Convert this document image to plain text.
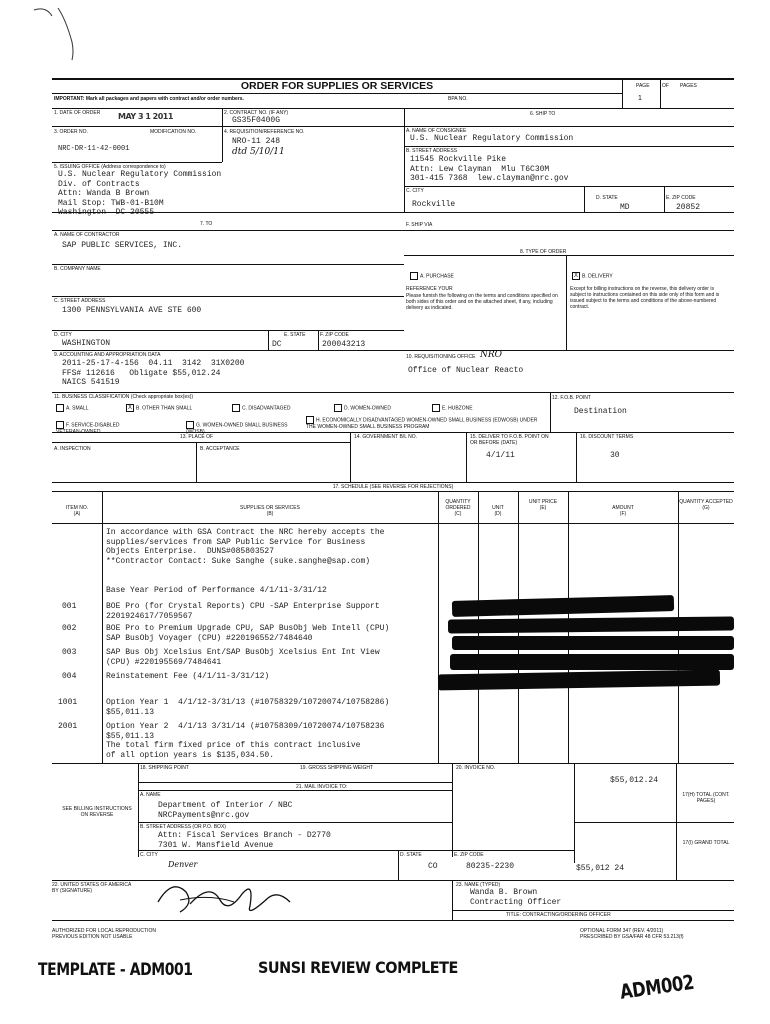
ORDER FOR SUPPLIES OR SERVICES	PAGE OF PAGES
1
IMPORTANT: Mark all packages and papers with contract and/or order numbers.	BPA NO.
1. DATE OF ORDER MAY 3 1 2011	2. CONTRACT NO. (IF ANY)
GS35F0400G
6. SHIP TO
3. ORDER NO.	MODIFICATION NO.
NRC-DR-11-42-0001
4. REQUISITION/REFERENCE NO.
NRO-11 248
dtd 5/10/11
A. NAME OF CONSIGNEE
U.S. Nuclear Regulatory Commission
B. STREET ADDRESS
11545 Rockville Pike
Attn: Lew Clayman  Mlu T6C30M
301-415 7368  lew.clayman@nrc.gov
5. ISSUING OFFICE (Address correspondence to)
U.S. Nuclear Regulatory Commission
Div. of Contracts
Attn: Wanda B Brown
Mail Stop: TWB-01-B10M
Washington  DC 20555
C. CITY
Rockville
D. STATE
MD
E. ZIP CODE
20852
7. TO	F. SHIP VIA
A. NAME OF CONTRACTOR
SAP PUBLIC SERVICES, INC.
8. TYPE OF ORDER
B. COMPANY NAME
A. PURCHASE	X B. DELIVERY
REFERENCE YOUR
Please furnish the following on the terms and conditions specified on both sides of this order and on the attached sheet, if any, including delivery as indicated.
Except for billing instructions on the reverse, this delivery order is subject to instructions contained on this side only of this form and is issued subject to the terms and conditions of the above-numbered contract.
C. STREET ADDRESS
1300 PENNSYLVANIA AVE STE 600
D. CITY
WASHINGTON
E. STATE
DC
F. ZIP CODE
200043213
9. ACCOUNTING AND APPROPRIATION DATA
2011-25-17-4-156  04.11  3142  31X0200
FFS# 112616   Obligate $55,012.24
NAICS 541519
10. REQUISITIONING OFFICE NRO
Office of Nuclear Reacto
11. BUSINESS CLASSIFICATION (Check appropriate box(es))
A. SMALL	X B. OTHER THAN SMALL	C. DISADVANTAGED	D. WOMEN-OWNED	E. HUBZONE
F. SERVICE-DISABLED VETERAN-OWNED
G. WOMEN-OWNED SMALL BUSINESS (WOSB)
H. ECONOMICALLY DISADVANTAGED WOMEN-OWNED SMALL BUSINESS (EDWOSB) UNDER THE WOMEN-OWNED SMALL BUSINESS PROGRAM
12. F.O.B. POINT
Destination
13. PLACE OF	14. GOVERNMENT B/L NO.	15. DELIVER TO F.O.B. POINT ON OR BEFORE (DATE)
4/1/11
16. DISCOUNT TERMS
30
A. INSPECTION	B. ACCEPTANCE
17. SCHEDULE (SEE REVERSE FOR REJECTIONS)
ITEM NO.
(A)
SUPPLIES OR SERVICES
(B)
QUANTITY ORDERED
(C)
UNIT
(D)
UNIT PRICE
(E)	AMOUNT
(F)
QUANTITY ACCEPTED
(G)
In accordance with GSA Contract the NRC hereby accepts the
supplies/services from SAP Public Service for Business
Objects Enterprise.  DUNS#085803527
**Contractor Contact: Suke Sanghe (suke.sanghe@sap.com)
Base Year Period of Performance 4/1/11-3/31/12
001	BOE Pro (for Crystal Reports) CPU -SAP Enterprise Support
2201924617/7059567
002	BOE Pro to Premium Upgrade CPU, SAP BusObj Web Intell (CPU)
SAP BusObj Voyager (CPU) #220196552/7484640
003	SAP Bus Obj Xcelsius Ent/SAP BusObj Xcelsius Ent Int View
(CPU) #220195569/7484641
004	Reinstatement Fee (4/1/11-3/31/12)
1001	Option Year 1  4/1/12-3/31/13 (#10758329/10720074/10758286)
$55,011.13
2001	Option Year 2  4/1/13 3/31/14 (#10758309/10720074/10758236
$55,011.13
The total firm fixed price of this contract inclusive
of all option years is $135,034.50.
18. SHIPPING POINT	19. GROSS SHIPPING WEIGHT	20. INVOICE NO.
$55,012.24
21. MAIL INVOICE TO:
SEE BILLING INSTRUCTIONS ON REVERSE
A. NAME
Department of Interior / NBC
NRCPayments@nrc.gov
B. STREET ADDRESS (OR P.O. BOX)
Attn: Fiscal Services Branch - D2770
7301 W. Mansfield Avenue
C. CITY
Denver
D. STATE
CO
E. ZIP CODE
80235-2230	$55,012 24
17(H) TOTAL (CONT. PAGES)
17(I) GRAND TOTAL
22. UNITED STATES OF AMERICA BY (SIGNATURE)
23. NAME (TYPED)
Wanda B. Brown
Contracting Officer
TITLE: CONTRACTING/ORDERING OFFICER
AUTHORIZED FOR LOCAL REPRODUCTION
PREVIOUS EDITION NOT USABLE
OPTIONAL FORM 347 (REV. 4/2011)
PRESCRIBED BY GSA/FAR 48 CFR 53.213(f)
TEMPLATE - ADM001	SUNSI REVIEW COMPLETE
ADM002
